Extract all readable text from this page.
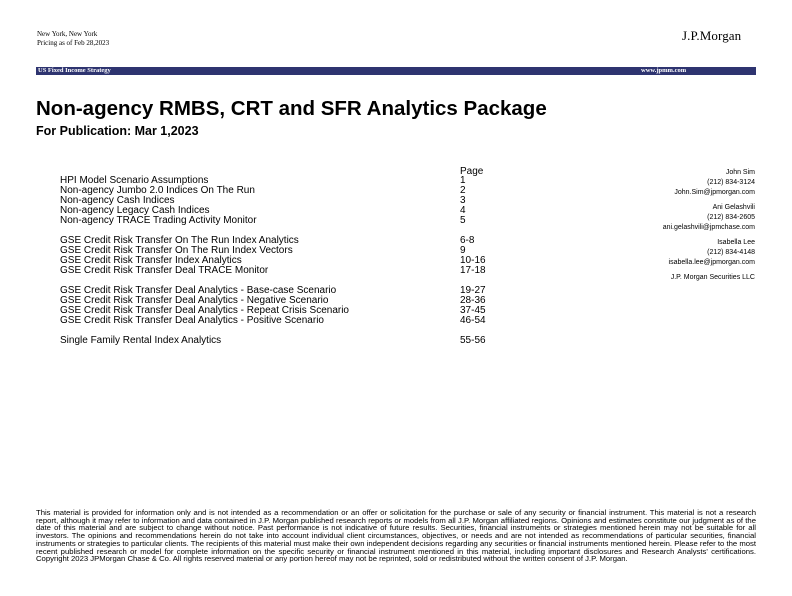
New York, New York
Pricing as of Feb 28,2023	J.P.Morgan
US Fixed Income Strategy	www.jpmm.com
Non-agency RMBS, CRT and SFR Analytics Package
For Publication: Mar 1,2023
Page
HPI Model Scenario Assumptions	1
Non-agency Jumbo 2.0 Indices On The Run	2
Non-agency Cash Indices	3
Non-agency Legacy Cash Indices	4
Non-agency TRACE Trading Activity Monitor	5
GSE Credit Risk Transfer On The Run Index Analytics	6-8
GSE Credit Risk Transfer On The Run Index Vectors	9
GSE Credit Risk Transfer Index Analytics	10-16
GSE Credit Risk Transfer Deal TRACE Monitor	17-18
GSE Credit Risk Transfer Deal Analytics - Base-case Scenario	19-27
GSE Credit Risk Transfer Deal Analytics - Negative Scenario	28-36
GSE Credit Risk Transfer Deal Analytics - Repeat Crisis Scenario	37-45
GSE Credit Risk Transfer Deal Analytics - Positive Scenario	46-54
Single Family Rental Index Analytics	55-56
John Sim
(212) 834-3124
John.Sim@jpmorgan.com
Ani Gelashvili
(212) 834-2605
ani.gelashvili@jpmchase.com
Isabella Lee
(212) 834-4148
isabella.lee@jpmorgan.com
J.P. Morgan Securities LLC
This material is provided for information only and is not intended as a recommendation or an offer or solicitation for the purchase or sale of any security or financial instrument. This material is not a research report, although it may refer to information and data contained in J.P. Morgan published research reports or models from all J.P. Morgan affiliated regions. Opinions and estimates constitute our judgment as of the date of this material and are subject to change without notice. Past performance is not indicative of future results. Securities, financial instruments or strategies mentioned herein may not be suitable for all investors. The opinions and recommendations herein do not take into account individual client circumstances, objectives, or needs and are not intended as recommendations of particular securities, financial instruments or strategies to particular clients. The recipients of this material must make their own independent decisions regarding any securities or financial instruments mentioned herein. Please refer to the most recent published research or model for complete information on the specific security or financial instrument mentioned in this material, including important disclosures and Research Analysts' certifications. Copyright 2023 JPMorgan Chase & Co. All rights reserved material or any portion hereof may not be reprinted, sold or redistributed without the written consent of J.P. Morgan.
